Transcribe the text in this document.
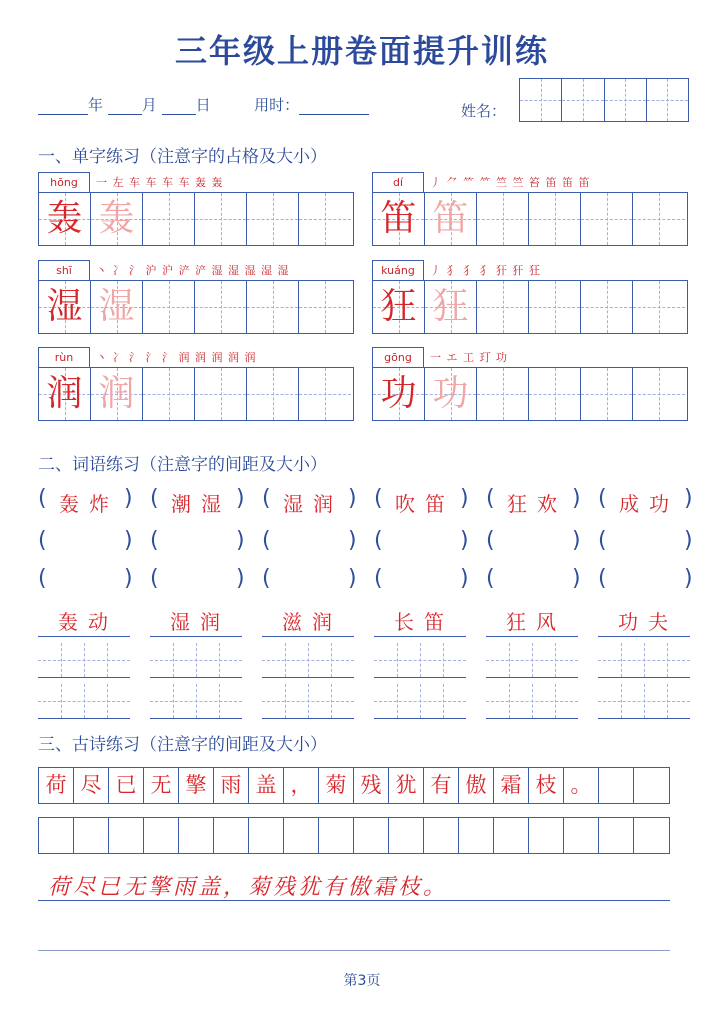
三年级上册卷面提升训练
年	月	日	用时：	姓名：
一、单字练习（注意字的占格及大小）
hōng	一 左 车 车 车 车 轰 轰
轰 轰
dí	丿 ⺈ ⺮ ⺮ 竺 竺 笞 笛 笛 笛
笛 笛
shī	丶 冫 氵 沪 沪 浐 浐 湿 湿 湿 湿 湿
湿 湿
kuáng	丿 犭 犭 犭 犴 犴 狂
狂 狂
rùn	丶 冫 氵 氵 氵 润 润 润 润 润
润 润
gōng	一 エ 工 玎 功
功 功
二、词语练习（注意字的间距及大小）
( 轰炸 ) ( 潮湿 ) ( 湿润 ) ( 吹笛 ) ( 狂欢 ) ( 成功 )
(	) (	) (	) (	) (	) (	)
(	) (	) (	) (	) (	) (	)
轰动	湿润	滋润	长笛	狂风	功夫
三、古诗练习（注意字的间距及大小）
荷 尽 已 无 擎 雨 盖 ， 菊 残 犹 有 傲 霜 枝 。
荷尽已无擎雨盖，菊残犹有傲霜枝。
第3页
